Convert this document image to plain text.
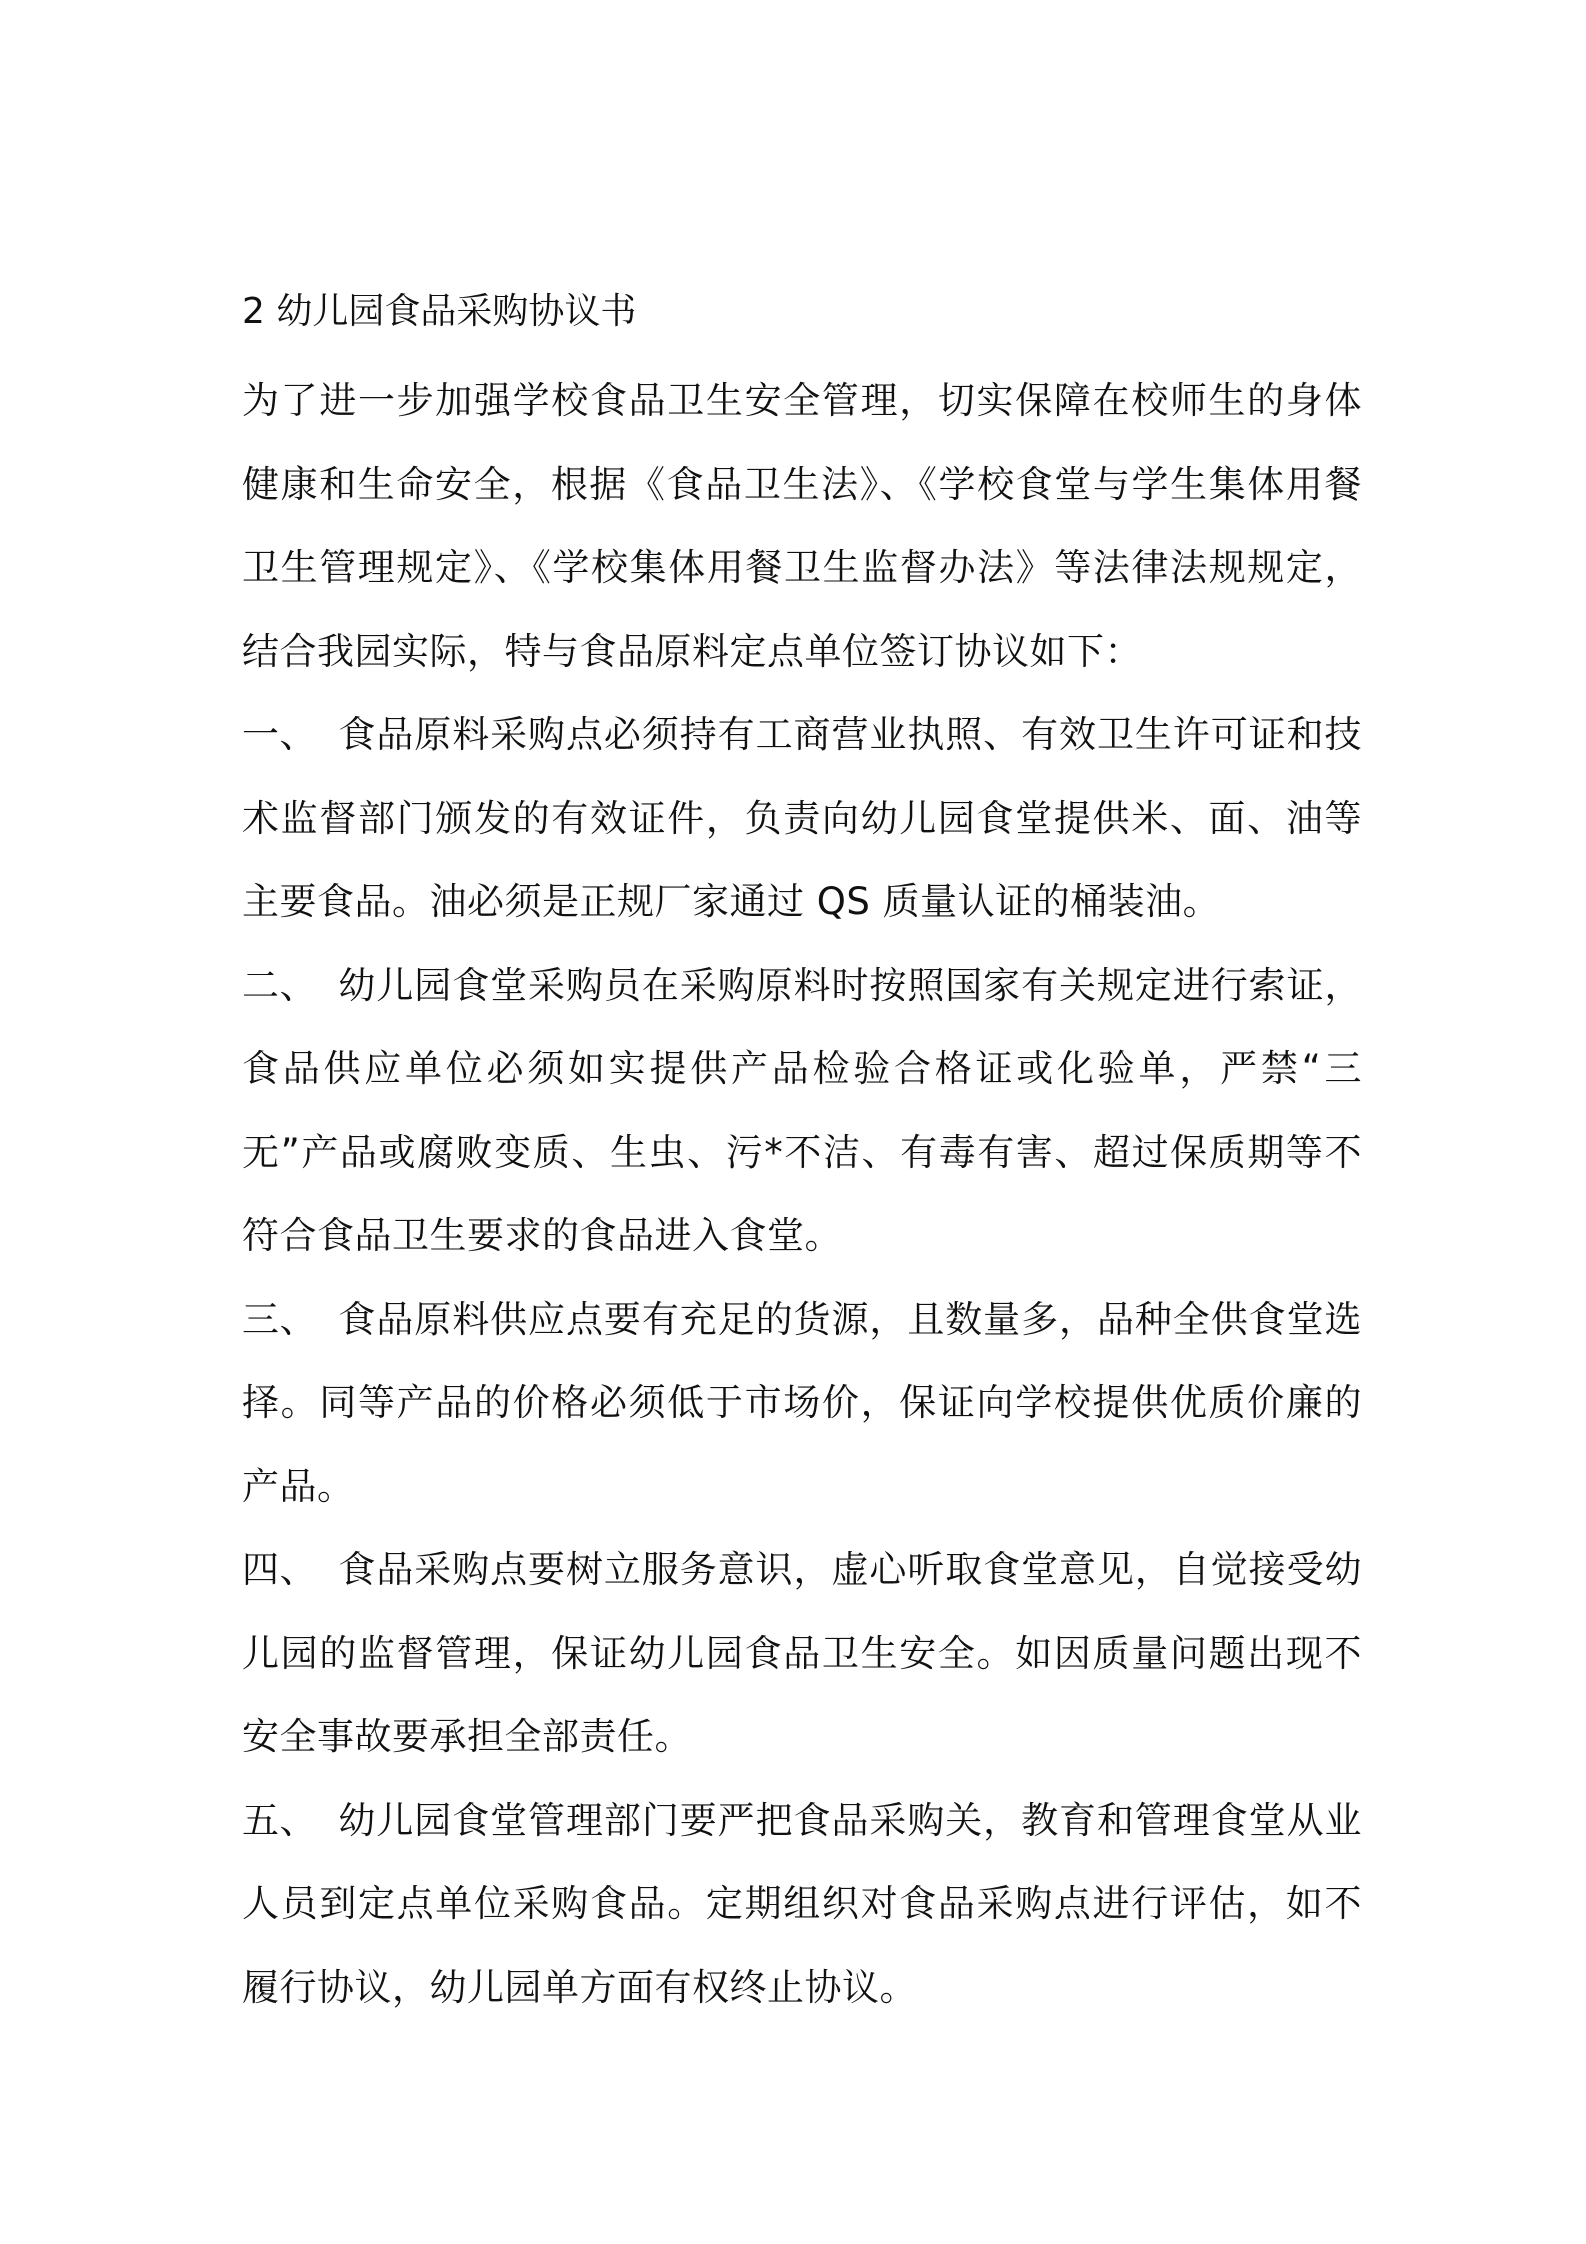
2 幼儿园食品采购协议书

为了进一步加强学校食品卫生安全管理，切实保障在校师生的身体健康和生命安全，根据《食品卫生法》、《学校食堂与学生集体用餐卫生管理规定》、《学校集体用餐卫生监督办法》等法律法规规定，结合我园实际，特与食品原料定点单位签订协议如下：

一、 食品原料采购点必须持有工商营业执照、有效卫生许可证和技术监督部门颁发的有效证件，负责向幼儿园食堂提供米、面、油等主要食品。油必须是正规厂家通过 QS 质量认证的桶装油。

二、 幼儿园食堂采购员在采购原料时按照国家有关规定进行索证，食品供应单位必须如实提供产品检验合格证或化验单，严禁“三无”产品或腐败变质、生虫、污*不洁、有毒有害、超过保质期等不符合食品卫生要求的食品进入食堂。

三、 食品原料供应点要有充足的货源，且数量多，品种全供食堂选择。同等产品的价格必须低于市场价，保证向学校提供优质价廉的产品。

四、 食品采购点要树立服务意识，虚心听取食堂意见，自觉接受幼儿园的监督管理，保证幼儿园食品卫生安全。如因质量问题出现不安全事故要承担全部责任。

五、 幼儿园食堂管理部门要严把食品采购关，教育和管理食堂从业人员到定点单位采购食品。定期组织对食品采购点进行评估，如不履行协议，幼儿园单方面有权终止协议。
